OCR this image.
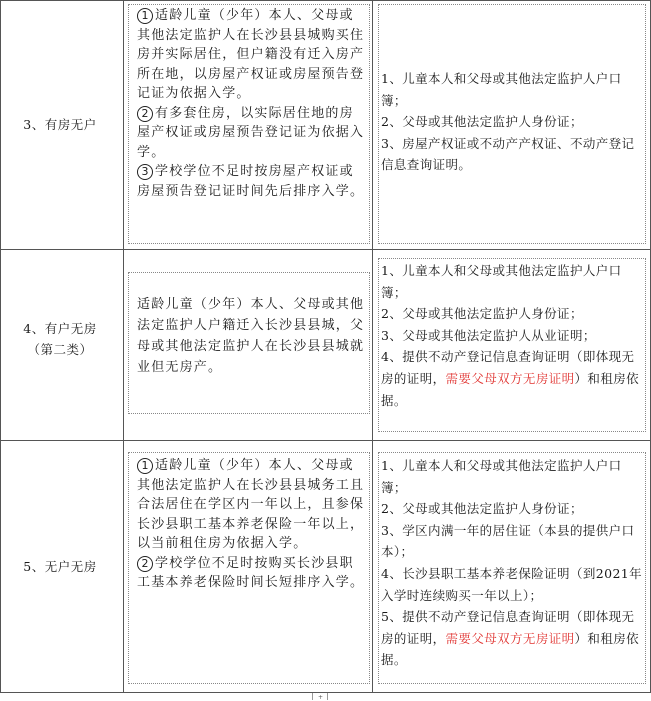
3、有房无户
1 适龄儿童（少年）本人、父母或其他法定监护人在长沙县县城购买住房并实际居住，但户籍没有迁入房产所在地，以房屋产权证或房屋预告登记证为依据入学。
2 有多套住房，以实际居住地的房屋产权证或房屋预告登记证为依据入学。
3 学校学位不足时按房屋产权证或房屋预告登记证时间先后排序入学。
1、儿童本人和父母或其他法定监护人户口簿；
2、父母或其他法定监护人身份证；
3、房屋产权证或不动产产权证、不动产登记信息查询证明。
4、有户无房
（第二类）
适龄儿童（少年）本人、父母或其他法定监护人户籍迁入长沙县县城，父母或其他法定监护人在长沙县县城就业但无房产。
1、儿童本人和父母或其他法定监护人户口簿；
2、父母或其他法定监护人身份证；
3、父母或其他法定监护人从业证明；
4、提供不动产登记信息查询证明（即体现无房的证明，需要父母双方无房证明）和租房依据。
5、无户无房
1 适龄儿童（少年）本人、父母或其他法定监护人在长沙县县城务工且合法居住在学区内一年以上，且参保长沙县职工基本养老保险一年以上，以当前租住房为依据入学。
2 学校学位不足时按购买长沙县职工基本养老保险时间长短排序入学。
1、儿童本人和父母或其他法定监护人户口簿；
2、父母或其他法定监护人身份证；
3、学区内满一年的居住证（本县的提供户口本）；
4、长沙县职工基本养老保险证明（到2021年入学时连续购买一年以上）；
5、提供不动产登记信息查询证明（即体现无房的证明，需要父母双方无房证明）和租房依据。
+
